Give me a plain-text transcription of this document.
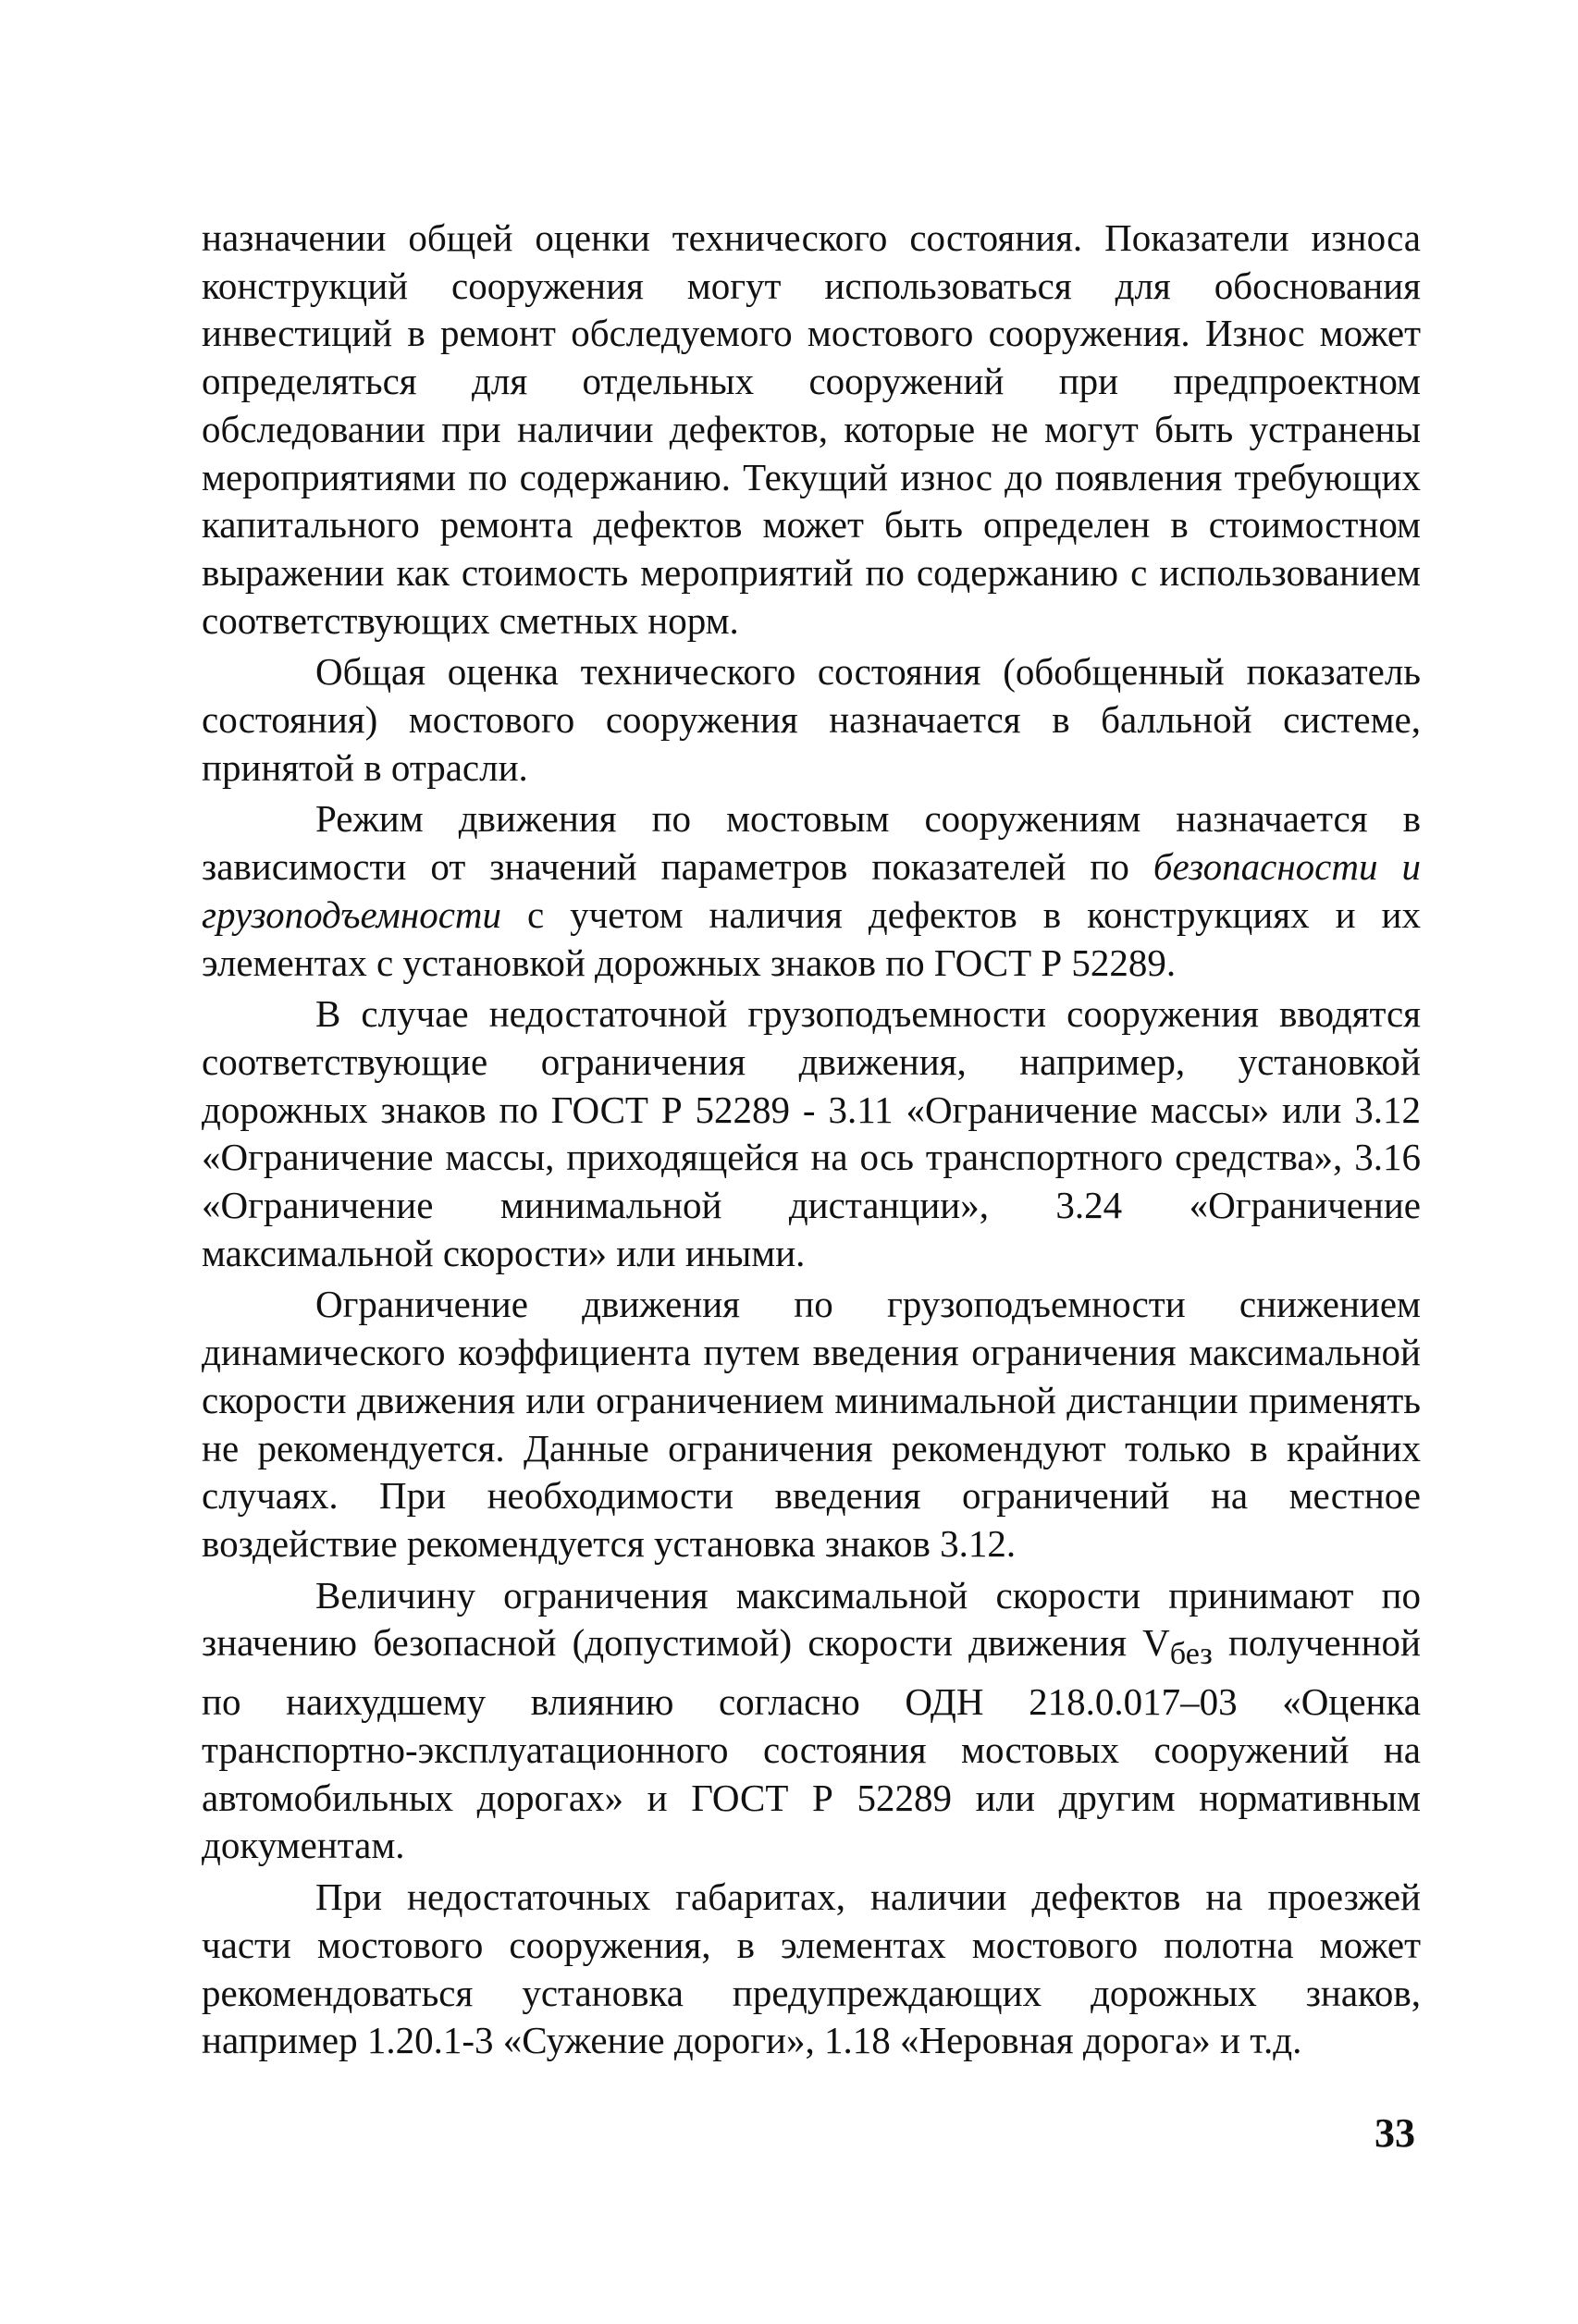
назначении общей оценки технического состояния. Показатели износа конструкций сооружения могут использоваться для обоснования инвестиций в ремонт обследуемого мостового сооружения. Износ может определяться для отдельных сооружений при предпроектном обследовании при наличии дефектов, которые не могут быть устранены мероприятиями по содержанию. Текущий износ до появления требующих капитального ремонта дефектов может быть определен в стоимостном выражении как стоимость мероприятий по содержанию с использованием соответствующих сметных норм.

Общая оценка технического состояния (обобщенный показатель состояния) мостового сооружения назначается в балльной системе, принятой в отрасли.

Режим движения по мостовым сооружениям назначается в зависимости от значений параметров показателей по безопасности и грузоподъемности с учетом наличия дефектов в конструкциях и их элементах с установкой дорожных знаков по ГОСТ Р 52289.

В случае недостаточной грузоподъемности сооружения вводятся соответствующие ограничения движения, например, установкой дорожных знаков по ГОСТ Р 52289 - 3.11 «Ограничение массы» или 3.12 «Ограничение массы, приходящейся на ось транспортного средства», 3.16 «Ограничение минимальной дистанции», 3.24 «Ограничение максимальной скорости» или иными.

Ограничение движения по грузоподъемности снижением динамического коэффициента путем введения ограничения максимальной скорости движения или ограничением минимальной дистанции применять не рекомендуется. Данные ограничения рекомендуют только в крайних случаях. При необходимости введения ограничений на местное воздействие рекомендуется установка знаков 3.12.

Величину ограничения максимальной скорости принимают по значению безопасной (допустимой) скорости движения $V_{без}$ полученной по наихудшему влиянию согласно ОДН 218.0.017–03 «Оценка транспортно-эксплуатационного состояния мостовых сооружений на автомобильных дорогах» и ГОСТ Р 52289 или другим нормативным документам.

При недостаточных габаритах, наличии дефектов на проезжей части мостового сооружения, в элементах мостового полотна может рекомендоваться установка предупреждающих дорожных знаков, например 1.20.1-3 «Сужение дороги», 1.18 «Неровная дорога» и т.д.

33
